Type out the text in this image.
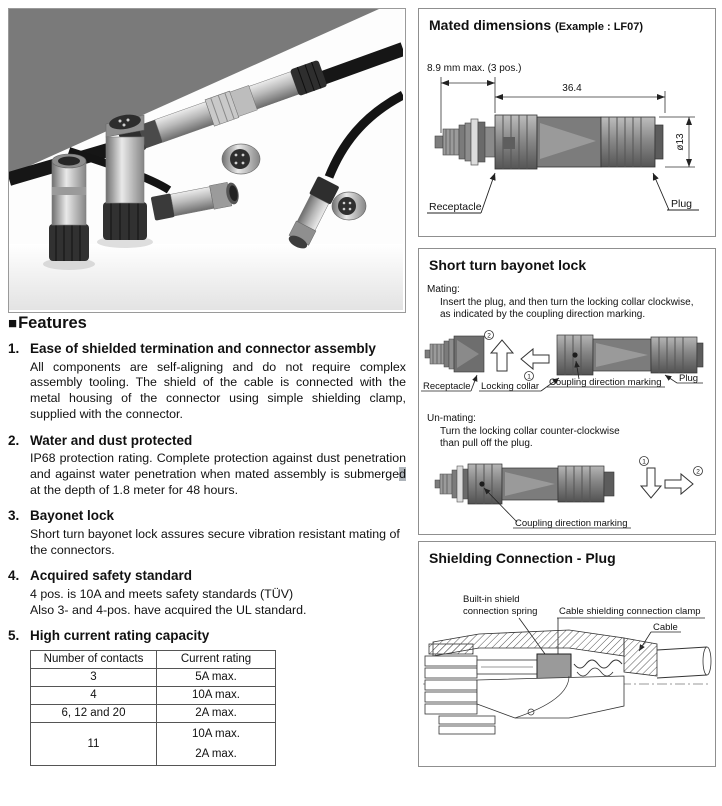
■Features
1. Ease of shielded termination and connector assembly
All components are self-aligning and do not require complex assembly tooling. The shield of the cable is connected with the metal housing of the connector using simple shielding clamp, supplied with the connector.
2. Water and dust protected
IP68 protection rating. Complete protection against dust penetration and against water penetration when mated assembly is submerged at the depth of 1.8 meter for 48 hours.
3. Bayonet lock
Short turn bayonet lock assures secure vibration resistant mating of the connectors.
4. Acquired safety standard
4 pos. is 10A and meets safety standards (TÜV)
Also 3- and 4-pos. have acquired the UL standard.
5. High current rating capacity
Number of contacts	Current rating
3	5A max.
4	10A max.
6, 12 and 20	2A max.
11	10A max.
2A max.
Mated dimensions (Example : LF07)
8.9 mm max. (3 pos.)
36.4
ø13
Receptacle	Plug
Short turn bayonet lock
Mating:
Insert the plug, and then turn the locking collar clockwise,
as indicated by the coupling direction marking.
2
1
Receptacle Locking collar Coupling direction marking Plug
Un-mating:
Turn the locking collar counter-clockwise
than pull off the plug.
1
2
Coupling direction marking
Shielding Connection - Plug
Built-in shield
connection spring Cable shielding connection clamp
Cable
